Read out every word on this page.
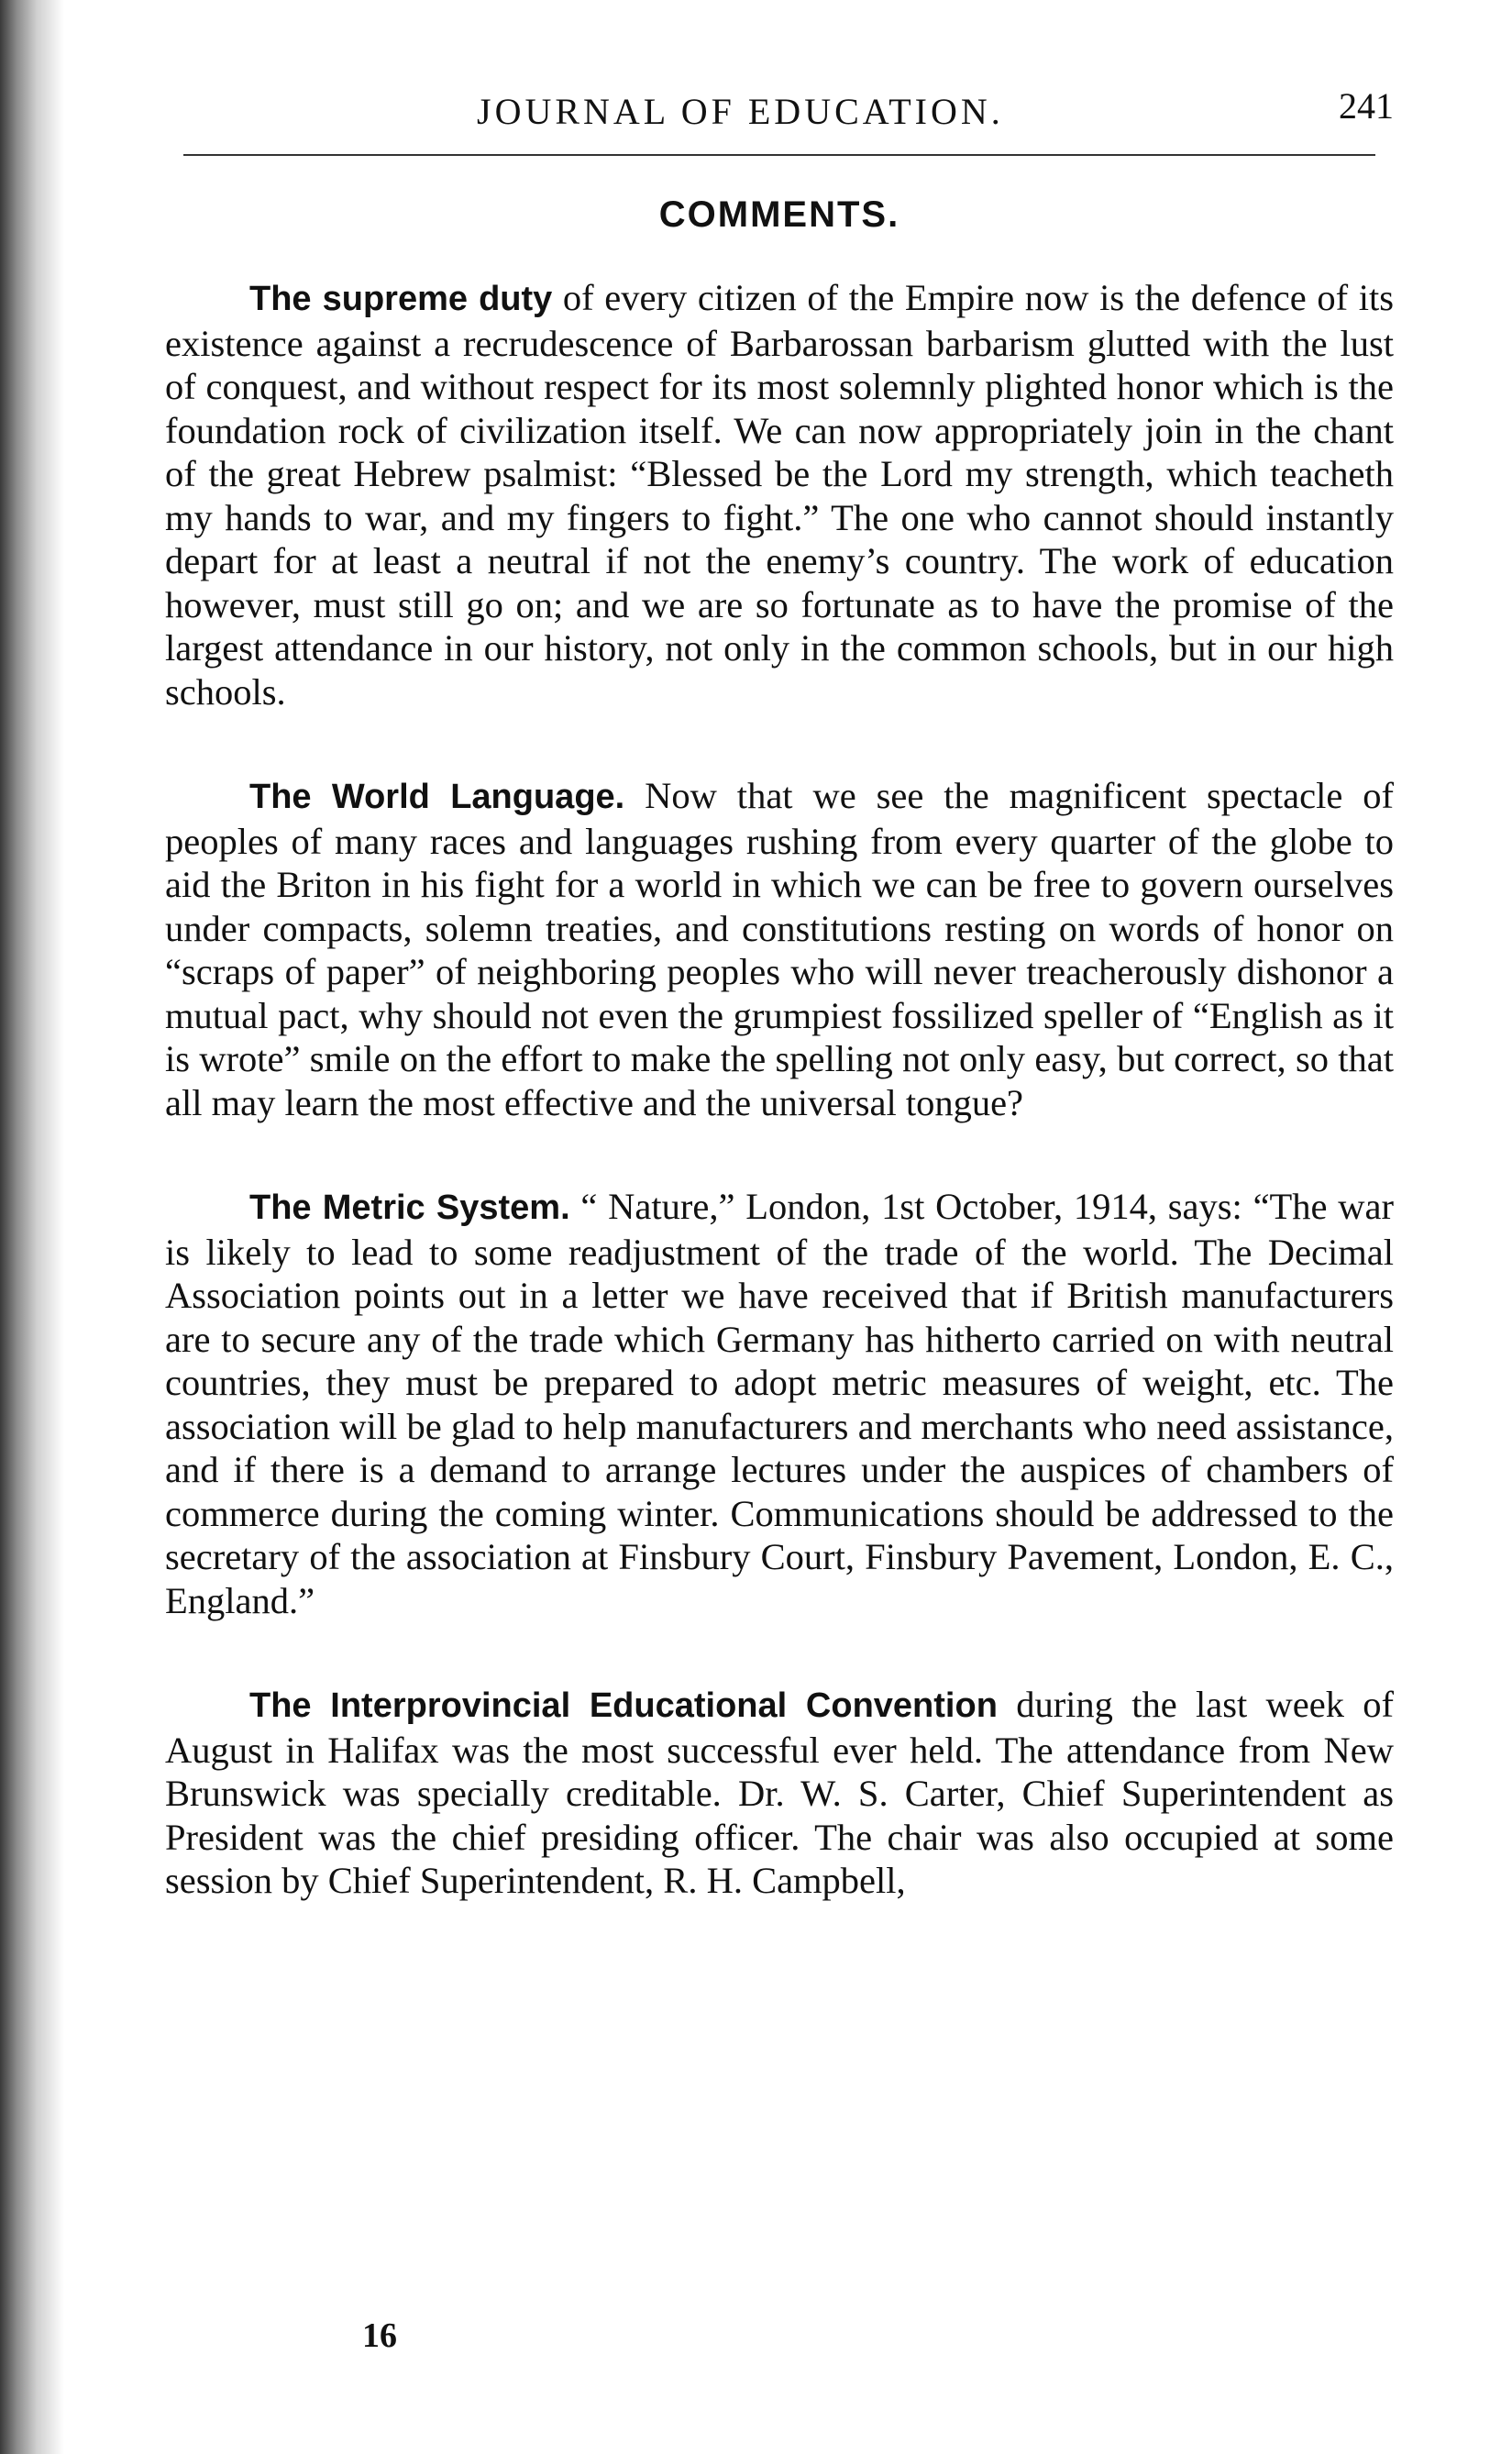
JOURNAL OF EDUCATION.	241
COMMENTS.

The supreme duty of every citizen of the Empire now is the defence of its existence against a recrudescence of Barbarossan barbarism glutted with the lust of conquest, and without respect for its most solemnly plighted honor which is the foundation rock of civilization itself. We can now appropriately join in the chant of the great Hebrew psalmist: “Blessed be the Lord my strength, which teacheth my hands to war, and my fingers to fight.” The one who cannot should instantly depart for at least a neutral if not the enemy’s country. The work of education however, must still go on; and we are so fortunate as to have the promise of the largest attendance in our history, not only in the common schools, but in our high schools.

The World Language. Now that we see the magnificent spectacle of peoples of many races and languages rushing from every quarter of the globe to aid the Briton in his fight for a world in which we can be free to govern ourselves under compacts, solemn treaties, and constitutions resting on words of honor on “scraps of paper” of neighboring peoples who will never treacherously dishonor a mutual pact, why should not even the grumpiest fossilized speller of “English as it is wrote” smile on the effort to make the spelling not only easy, but correct, so that all may learn the most effective and the universal tongue?

The Metric System. “ Nature,” London, 1st October, 1914, says: “The war is likely to lead to some readjustment of the trade of the world. The Decimal Association points out in a letter we have received that if British manufacturers are to secure any of the trade which Germany has hitherto carried on with neutral countries, they must be prepared to adopt metric measures of weight, etc. The association will be glad to help manufacturers and merchants who need assistance, and if there is a demand to arrange lectures under the auspices of chambers of commerce during the coming winter. Communications should be addressed to the secretary of the association at Finsbury Court, Finsbury Pavement, London, E. C., England.”

The Interprovincial Educational Convention during the last week of August in Halifax was the most successful ever held. The attendance from New Brunswick was specially creditable. Dr. W. S. Carter, Chief Superintendent as President was the chief presiding officer. The chair was also occupied at some session by Chief Superintendent, R. H. Campbell,

16
